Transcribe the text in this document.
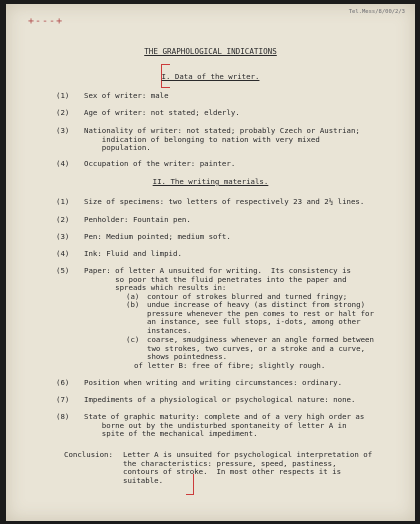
Tel.Mess/8/00/2/3
+---+
THE GRAPHOLOGICAL INDICATIONS
I. Data of the writer.
(1) Sex of writer: male
(2) Age of writer: not stated; elderly.
(3) Nationality of writer: not stated; probably Czech or Austrian;
indication of belonging to nation with very mixed
population.
(4) Occupation of the writer: painter.
II. The writing materials.
(1) Size of specimens: two letters of respectively 23 and 2½ lines.
(2) Penholder: Fountain pen.
(3) Pen: Medium pointed; medium soft.
(4) Ink: Fluid and limpid.
(5) Paper: of letter A unsuited for writing.  Its consistency is
so poor that the fluid penetrates into the paper and
spreads which results in:
(a) contour of strokes blurred and turned fringy;
(b) undue increase of heavy (as distinct from strong)
pressure whenever the pen comes to rest or halt for
an instance, see full stops, i-dots, among other
instances.
(c) coarse, smudginess whenever an angle formed between
two strokes, two curves, or a stroke and a curve,
shows pointedness.
of letter B: free of fibre; slightly rough.
(6) Position when writing and writing circumstances: ordinary.
(7) Impediments of a physiological or psychological nature: none.
(8) State of graphic maturity: complete and of a very high order as
borne out by the undisturbed spontaneity of letter A in
spite of the mechanical impediment.
Conclusion: Letter A is unsuited for psychological interpretation of
the characteristics: pressure, speed, pastiness,
contours of stroke.  In most other respects it is
suitable.
